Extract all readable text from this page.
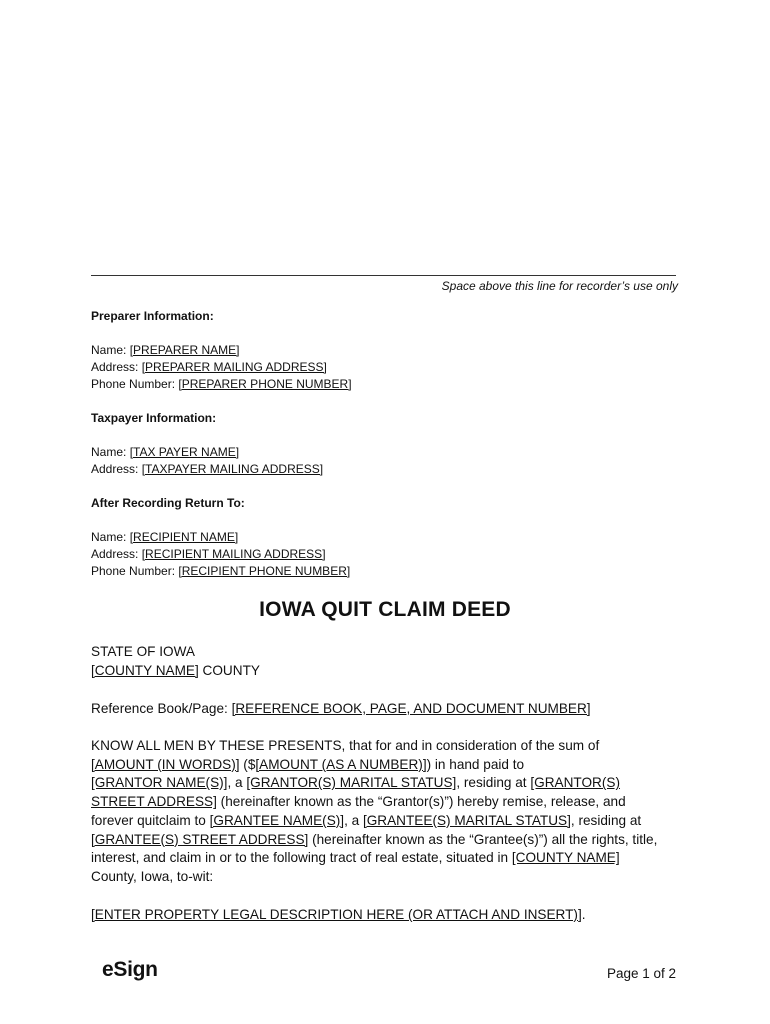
Space above this line for recorder’s use only
Preparer Information:
Name: [PREPARER NAME]
Address: [PREPARER MAILING ADDRESS]
Phone Number: [PREPARER PHONE NUMBER]
Taxpayer Information:
Name: [TAX PAYER NAME]
Address: [TAXPAYER MAILING ADDRESS]
After Recording Return To:
Name: [RECIPIENT NAME]
Address: [RECIPIENT MAILING ADDRESS]
Phone Number: [RECIPIENT PHONE NUMBER]
IOWA QUIT CLAIM DEED
STATE OF IOWA
[COUNTY NAME] COUNTY
Reference Book/Page: [REFERENCE BOOK, PAGE, AND DOCUMENT NUMBER]
KNOW ALL MEN BY THESE PRESENTS, that for and in consideration of the sum of
[AMOUNT (IN WORDS)] ($[AMOUNT (AS A NUMBER)]) in hand paid to
[GRANTOR NAME(S)], a [GRANTOR(S) MARITAL STATUS], residing at [GRANTOR(S)
STREET ADDRESS] (hereinafter known as the “Grantor(s)”) hereby remise, release, and
forever quitclaim to [GRANTEE NAME(S)], a [GRANTEE(S) MARITAL STATUS], residing at
[GRANTEE(S) STREET ADDRESS] (hereinafter known as the “Grantee(s)”) all the rights, title,
interest, and claim in or to the following tract of real estate, situated in [COUNTY NAME]
County, Iowa, to-wit:
[ENTER PROPERTY LEGAL DESCRIPTION HERE (OR ATTACH AND INSERT)].
eSign	Page 1 of 2
